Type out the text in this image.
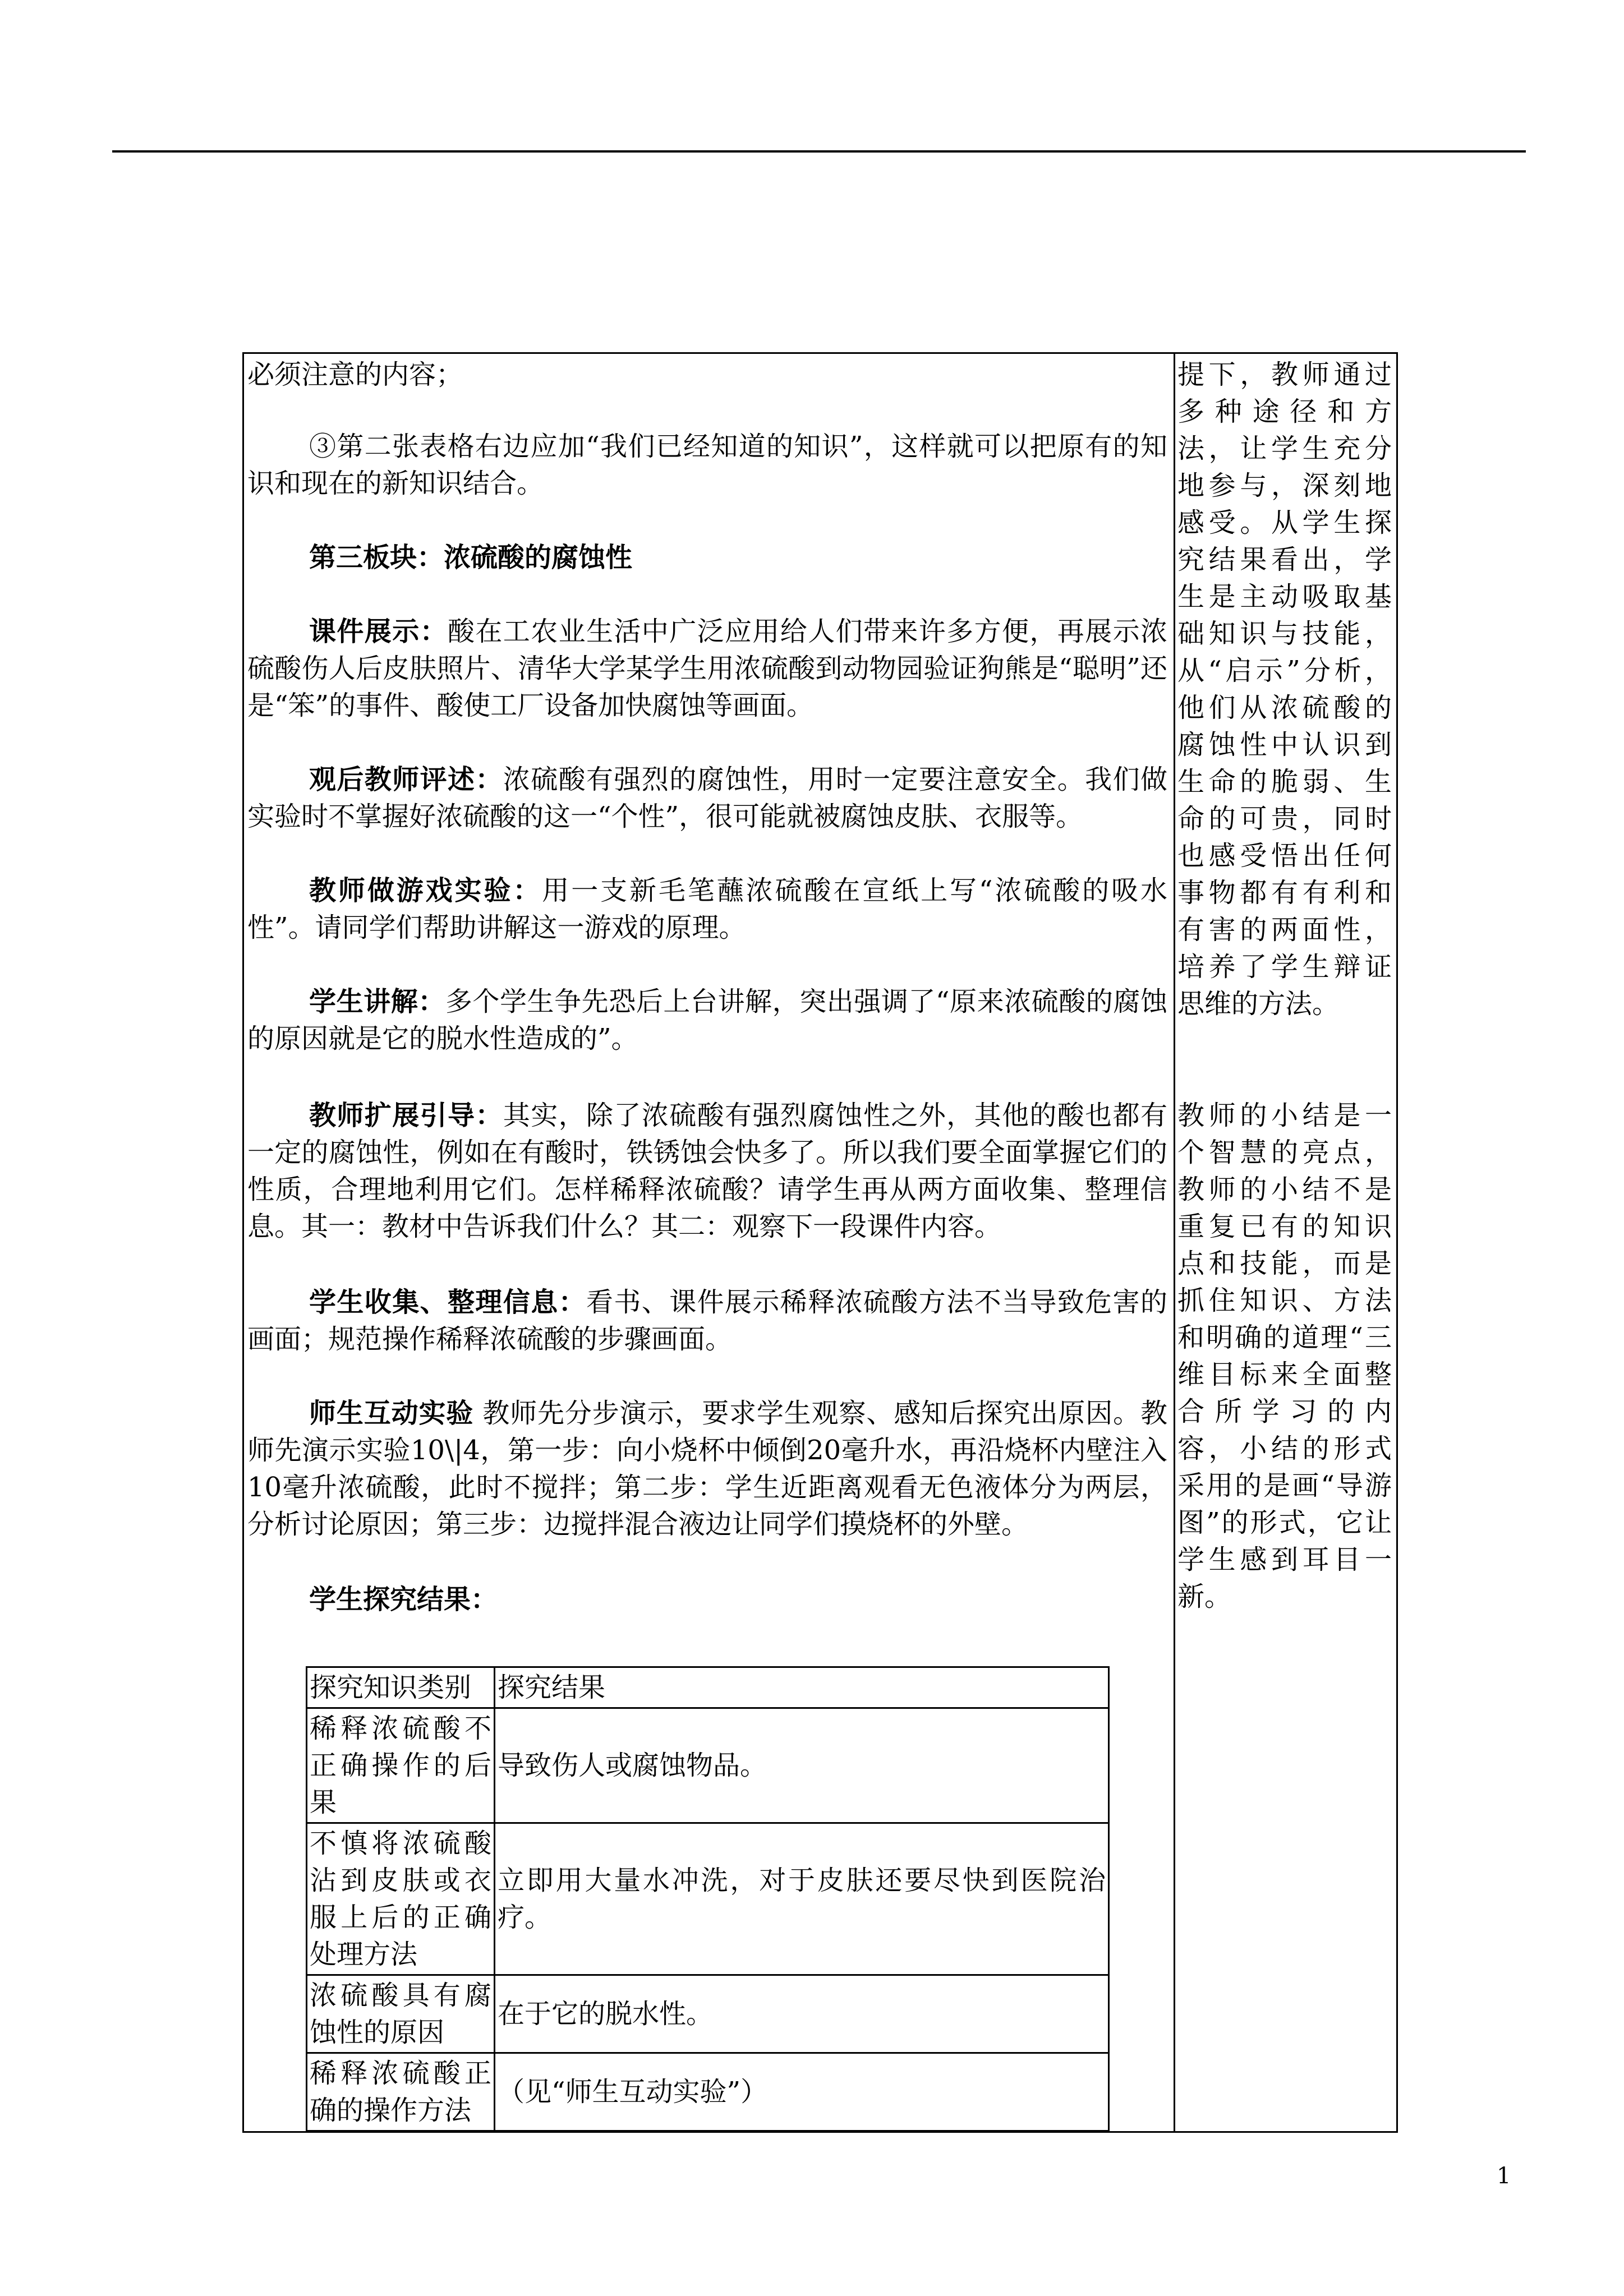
必须注意的内容；
③第二张表格右边应加“我们已经知道的知识”，这样就可以把原有的知识和现在的新知识结合。
第三板块：浓硫酸的腐蚀性
课件展示：酸在工农业生活中广泛应用给人们带来许多方便，再展示浓硫酸伤人后皮肤照片、清华大学某学生用浓硫酸到动物园验证狗熊是“聪明”还是“笨”的事件、酸使工厂设备加快腐蚀等画面。
观后教师评述：浓硫酸有强烈的腐蚀性，用时一定要注意安全。我们做实验时不掌握好浓硫酸的这一“个性”，很可能就被腐蚀皮肤、衣服等。
教师做游戏实验：用一支新毛笔蘸浓硫酸在宣纸上写“浓硫酸的吸水性”。请同学们帮助讲解这一游戏的原理。
学生讲解：多个学生争先恐后上台讲解，突出强调了“原来浓硫酸的腐蚀的原因就是它的脱水性造成的”。
教师扩展引导：其实，除了浓硫酸有强烈腐蚀性之外，其他的酸也都有一定的腐蚀性，例如在有酸时，铁锈蚀会快多了。所以我们要全面掌握它们的性质，合理地利用它们。怎样稀释浓硫酸？请学生再从两方面收集、整理信息。其一：教材中告诉我们什么？其二：观察下一段课件内容。
学生收集、整理信息：看书、课件展示稀释浓硫酸方法不当导致危害的画面；规范操作稀释浓硫酸的步骤画面。
师生互动实验 教师先分步演示，要求学生观察、感知后探究出原因。教师先演示实验10\|4，第一步：向小烧杯中倾倒20毫升水，再沿烧杯内壁注入10毫升浓硫酸，此时不搅拌；第二步：学生近距离观看无色液体分为两层，分析讨论原因；第三步：边搅拌混合液边让同学们摸烧杯的外壁。
学生探究结果：
探究知识类别	探究结果
稀释浓硫酸不正确操作的后果	导致伤人或腐蚀物品。
不慎将浓硫酸沾到皮肤或衣服上后的正确处理方法	立即用大量水冲洗，对于皮肤还要尽快到医院治疗。
浓硫酸具有腐蚀性的原因	在于它的脱水性。
稀释浓硫酸正确的操作方法	（见“师生互动实验”）
提下，教师通过多种途径和方法，让学生充分地参与，深刻地感受。从学生探究结果看出，学生是主动吸取基础知识与技能，从“启示”分析，他们从浓硫酸的腐蚀性中认识到生命的脆弱、生命的可贵，同时也感受悟出任何事物都有有利和有害的两面性，培养了学生辩证思维的方法。
教师的小结是一个智慧的亮点，教师的小结不是重复已有的知识点和技能，而是抓住知识、方法和明确的道理“三维目标来全面整合所学习的内容，小结的形式采用的是画“导游图”的形式，它让学生感到耳目一新。
1
